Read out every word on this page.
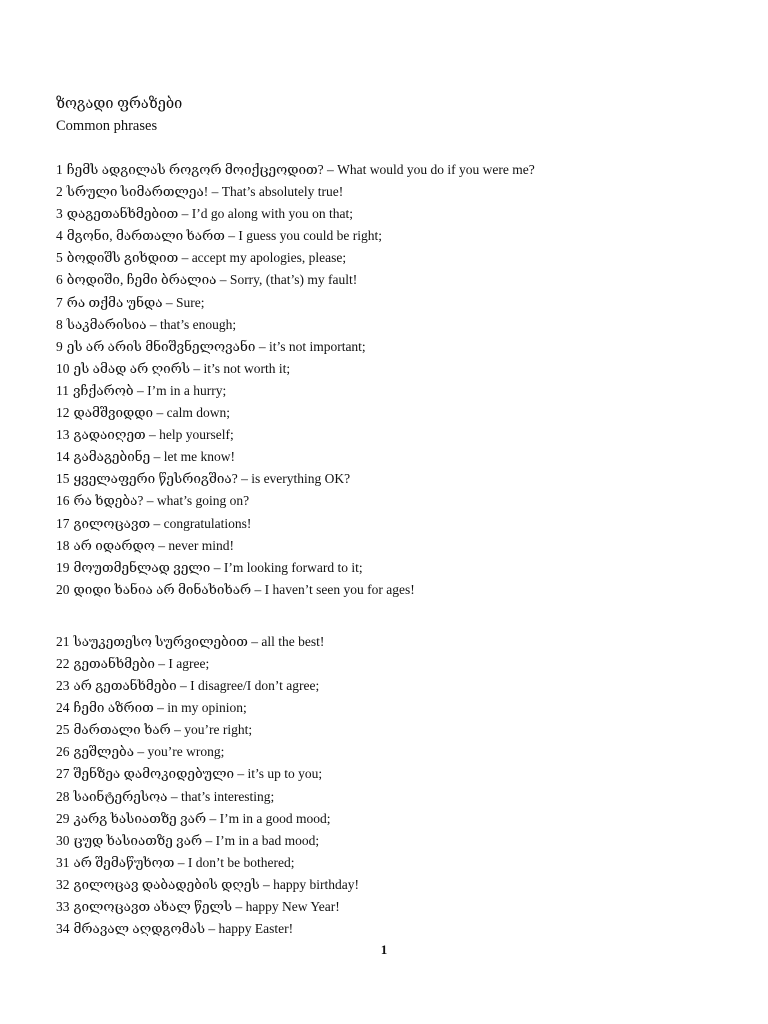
ზოგადი ფრაზები
Common phrases
1 ჩემს ადგილას როგორ მოიქცეოდით? – What would you do if you were me?
2 სრული სიმართლეა! – That’s absolutely true!
3 დაგეთანხმებით – I’d go along with you on that;
4 მგონი, მართალი ხართ – I guess you could be right;
5 ბოდიშს გიხდით – accept my apologies, please;
6 ბოდიში, ჩემი ბრალია – Sorry, (that’s) my fault!
7 რა თქმა უნდა – Sure;
8 საკმარისია – that’s enough;
9 ეს არ არის მნიშვნელოვანი – it’s not important;
10 ეს ამად არ ღირს – it’s not worth it;
11 ვჩქარობ – I’m in a hurry;
12 დამშვიდდი – calm down;
13 გადაიღეთ – help yourself;
14 გამაგებინე – let me know!
15 ყველაფერი წესრიგშია? – is everything OK?
16 რა ხდება? – what’s going on?
17 გილოცავთ – congratulations!
18 არ იდარდო – never mind!
19 მოუთმენლად ველი – I’m looking forward to it;
20 დიდი ხანია არ მინახიხარ – I haven’t seen you for ages!
21 საუკეთესო სურვილებით – all the best!
22 გეთანხმები – I agree;
23 არ გეთანხმები – I disagree/I don’t agree;
24 ჩემი აზრით – in my opinion;
25 მართალი ხარ – you’re right;
26 გეშლება – you’re wrong;
27 შენზეა დამოკიდებული – it’s up to you;
28 საინტერესოა – that’s interesting;
29 კარგ ხასიათზე ვარ – I’m in a good mood;
30 ცუდ ხასიათზე ვარ – I’m in a bad mood;
31 არ შემაწუხოთ – I don’t be bothered;
32 გილოცავ დაბადების დღეს – happy birthday!
33 გილოცავთ ახალ წელს – happy New Year!
34 მრავალ აღდგომას – happy Easter!
1
